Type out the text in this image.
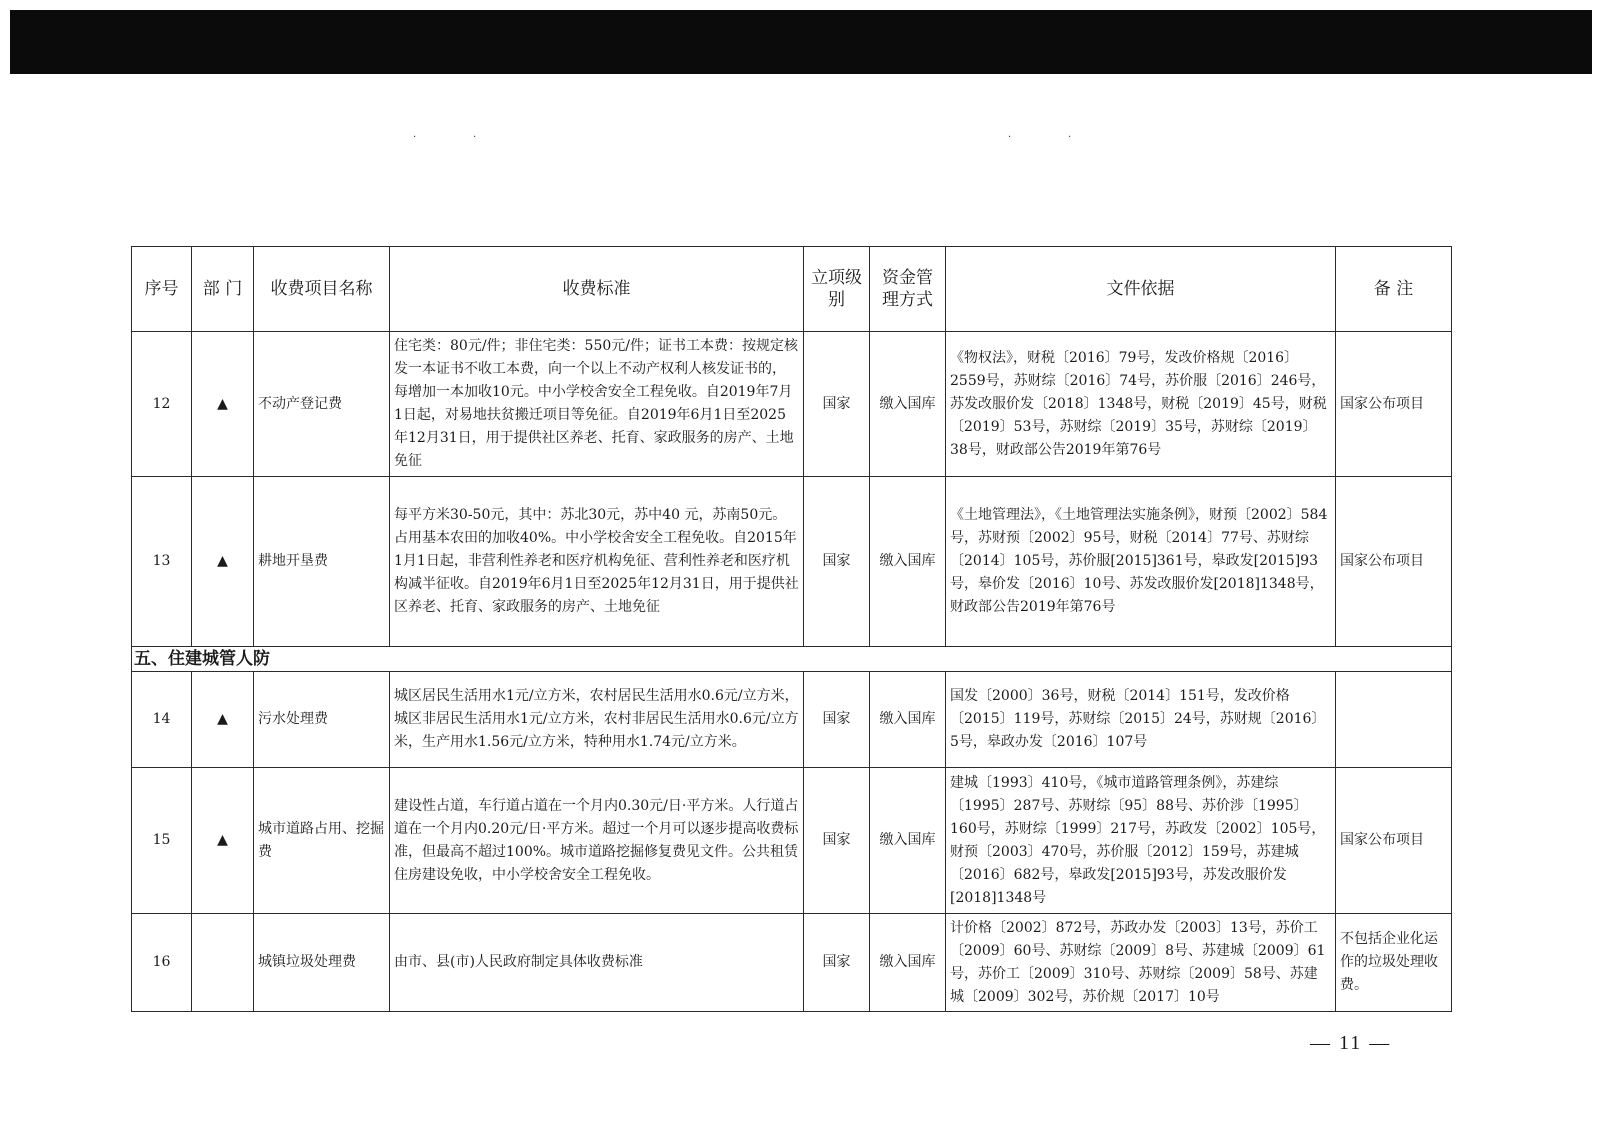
·	·	·	·
序号	部 门	收费项目名称	收费标准	立项级别	资金管理方式	文件依据	备 注
12	▲	不动产登记费	住宅类：80元/件；非住宅类：550元/件；证书工本费：按规定核发一本证书不收工本费，向一个以上不动产权利人核发证书的，每增加一本加收10元。中小学校舍安全工程免收。自2019年7月1日起，对易地扶贫搬迁项目等免征。自2019年6月1日至2025年12月31日，用于提供社区养老、托育、家政服务的房产、土地免征	国家	缴入国库	《物权法》，财税〔2016〕79号，发改价格规〔2016〕2559号，苏财综〔2016〕74号，苏价服〔2016〕246号，苏发改服价发〔2018〕1348号，财税〔2019〕45号，财税〔2019〕53号，苏财综〔2019〕35号，苏财综〔2019〕38号，财政部公告2019年第76号	国家公布项目
13	▲	耕地开垦费	每平方米30-50元，其中：苏北30元，苏中40 元，苏南50元。占用基本农田的加收40%。中小学校舍安全工程免收。自2015年1月1日起，非营利性养老和医疗机构免征、营利性养老和医疗机构减半征收。自2019年6月1日至2025年12月31日，用于提供社区养老、托育、家政服务的房产、土地免征	国家	缴入国库	《土地管理法》，《土地管理法实施条例》，财预〔2002〕584号，苏财预〔2002〕95号，财税〔2014〕77号、苏财综〔2014〕105号，苏价服[2015]361号，皋政发[2015]93号，皋价发〔2016〕10号、苏发改服价发[2018]1348号，财政部公告2019年第76号	国家公布项目
五、住建城管人防							
14	▲	污水处理费	城区居民生活用水1元/立方米，农村居民生活用水0.6元/立方米，城区非居民生活用水1元/立方米，农村非居民生活用水0.6元/立方米，生产用水1.56元/立方米，特种用水1.74元/立方米。	国家	缴入国库	国发〔2000〕36号，财税〔2014〕151号，发改价格〔2015〕119号，苏财综〔2015〕24号，苏财规〔2016〕5号，皋政办发〔2016〕107号	
15	▲	城市道路占用、挖掘费	建设性占道，车行道占道在一个月内0.30元/日·平方米。人行道占道在一个月内0.20元/日·平方米。超过一个月可以逐步提高收费标准，但最高不超过100%。城市道路挖掘修复费见文件。公共租赁住房建设免收，中小学校舍安全工程免收。	国家	缴入国库	建城〔1993〕410号，《城市道路管理条例》，苏建综〔1995〕287号、苏财综〔95〕88号、苏价涉〔1995〕160号，苏财综〔1999〕217号，苏政发〔2002〕105号，财预〔2003〕470号，苏价服〔2012〕159号，苏建城〔2016〕682号，皋政发[2015]93号，苏发改服价发[2018]1348号	国家公布项目
16		城镇垃圾处理费	由市、县(市)人民政府制定具体收费标准	国家	缴入国库	计价格〔2002〕872号，苏政办发〔2003〕13号，苏价工〔2009〕60号、苏财综〔2009〕8号、苏建城〔2009〕61号，苏价工〔2009〕310号、苏财综〔2009〕58号、苏建城〔2009〕302号，苏价规〔2017〕10号	不包括企业化运作的垃圾处理收费。
— 11 —
